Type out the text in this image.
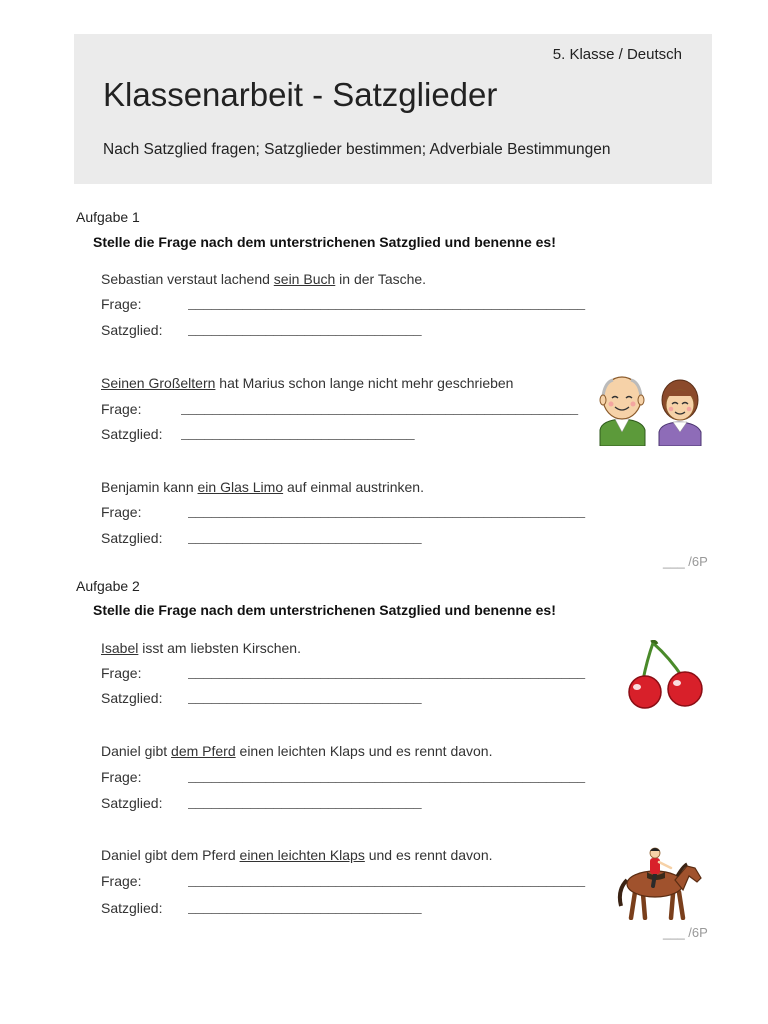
5. Klasse / Deutsch
Klassenarbeit - Satzglieder
Nach Satzglied fragen; Satzglieder bestimmen; Adverbiale Bestimmungen
Aufgabe 1
Stelle die Frage nach dem unterstrichenen Satzglied und benenne es!
Sebastian verstaut lachend sein Buch in der Tasche.
Frage:	___________________________________________________
Satzglied: ______________________________
Seinen Großeltern hat Marius schon lange nicht mehr geschrieben
Frage:	___________________________________________________
Satzglied: ______________________________
Benjamin kann ein Glas Limo auf einmal austrinken.
Frage:	___________________________________________________
Satzglied: ______________________________
___ /6P
Aufgabe 2
Stelle die Frage nach dem unterstrichenen Satzglied und benenne es!
Isabel isst am liebsten Kirschen.
Frage:	___________________________________________________
Satzglied: ______________________________
Daniel gibt dem Pferd einen leichten Klaps und es rennt davon.
Frage:	___________________________________________________
Satzglied: ______________________________
Daniel gibt dem Pferd einen leichten Klaps und es rennt davon.
Frage:	___________________________________________________
Satzglied: ______________________________
___ /6P
